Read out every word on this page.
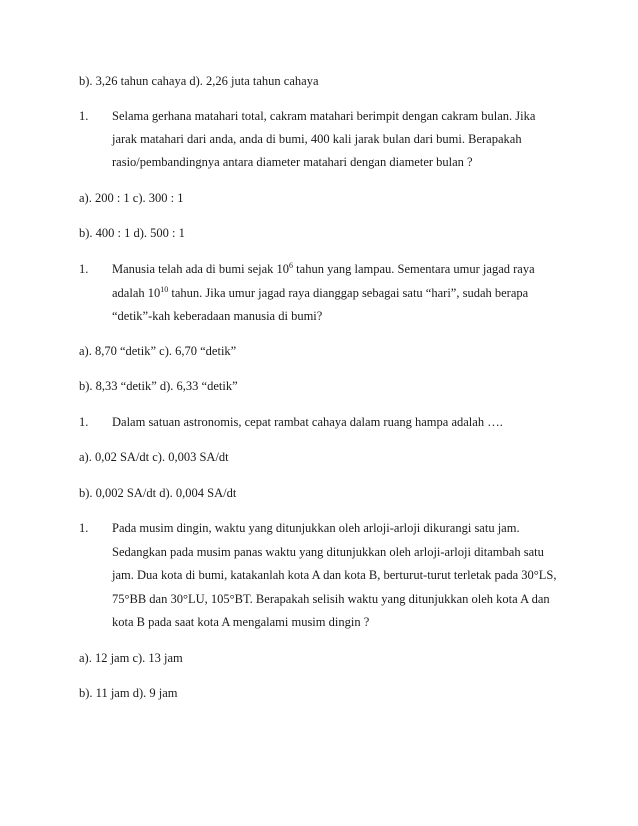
b). 3,26 tahun cahaya d). 2,26 juta tahun cahaya
1. Selama gerhana matahari total, cakram matahari berimpit dengan cakram bulan. Jika
jarak matahari dari anda, anda di bumi, 400 kali jarak bulan dari bumi. Berapakah
rasio/pembandingnya antara diameter matahari dengan diameter bulan ?
a). 200 : 1 c). 300 : 1
b). 400 : 1 d). 500 : 1
1. Manusia telah ada di bumi sejak $10^6$ tahun yang lampau. Sementara umur jagad raya
adalah $10^{10}$ tahun. Jika umur jagad raya dianggap sebagai satu “hari”, sudah berapa
“detik”-kah keberadaan manusia di bumi?
a). 8,70 “detik” c). 6,70 “detik”
b). 8,33 “detik” d). 6,33 “detik”
1. Dalam satuan astronomis, cepat rambat cahaya dalam ruang hampa adalah ….
a). 0,02 SA/dt c). 0,003 SA/dt
b). 0,002 SA/dt d). 0,004 SA/dt
1. Pada musim dingin, waktu yang ditunjukkan oleh arloji-arloji dikurangi satu jam.
Sedangkan pada musim panas waktu yang ditunjukkan oleh arloji-arloji ditambah satu
jam. Dua kota di bumi, katakanlah kota A dan kota B, berturut-turut terletak pada 30°LS,
75°BB dan 30°LU, 105°BT. Berapakah selisih waktu yang ditunjukkan oleh kota A dan
kota B pada saat kota A mengalami musim dingin ?
a). 12 jam c). 13 jam
b). 11 jam d). 9 jam
